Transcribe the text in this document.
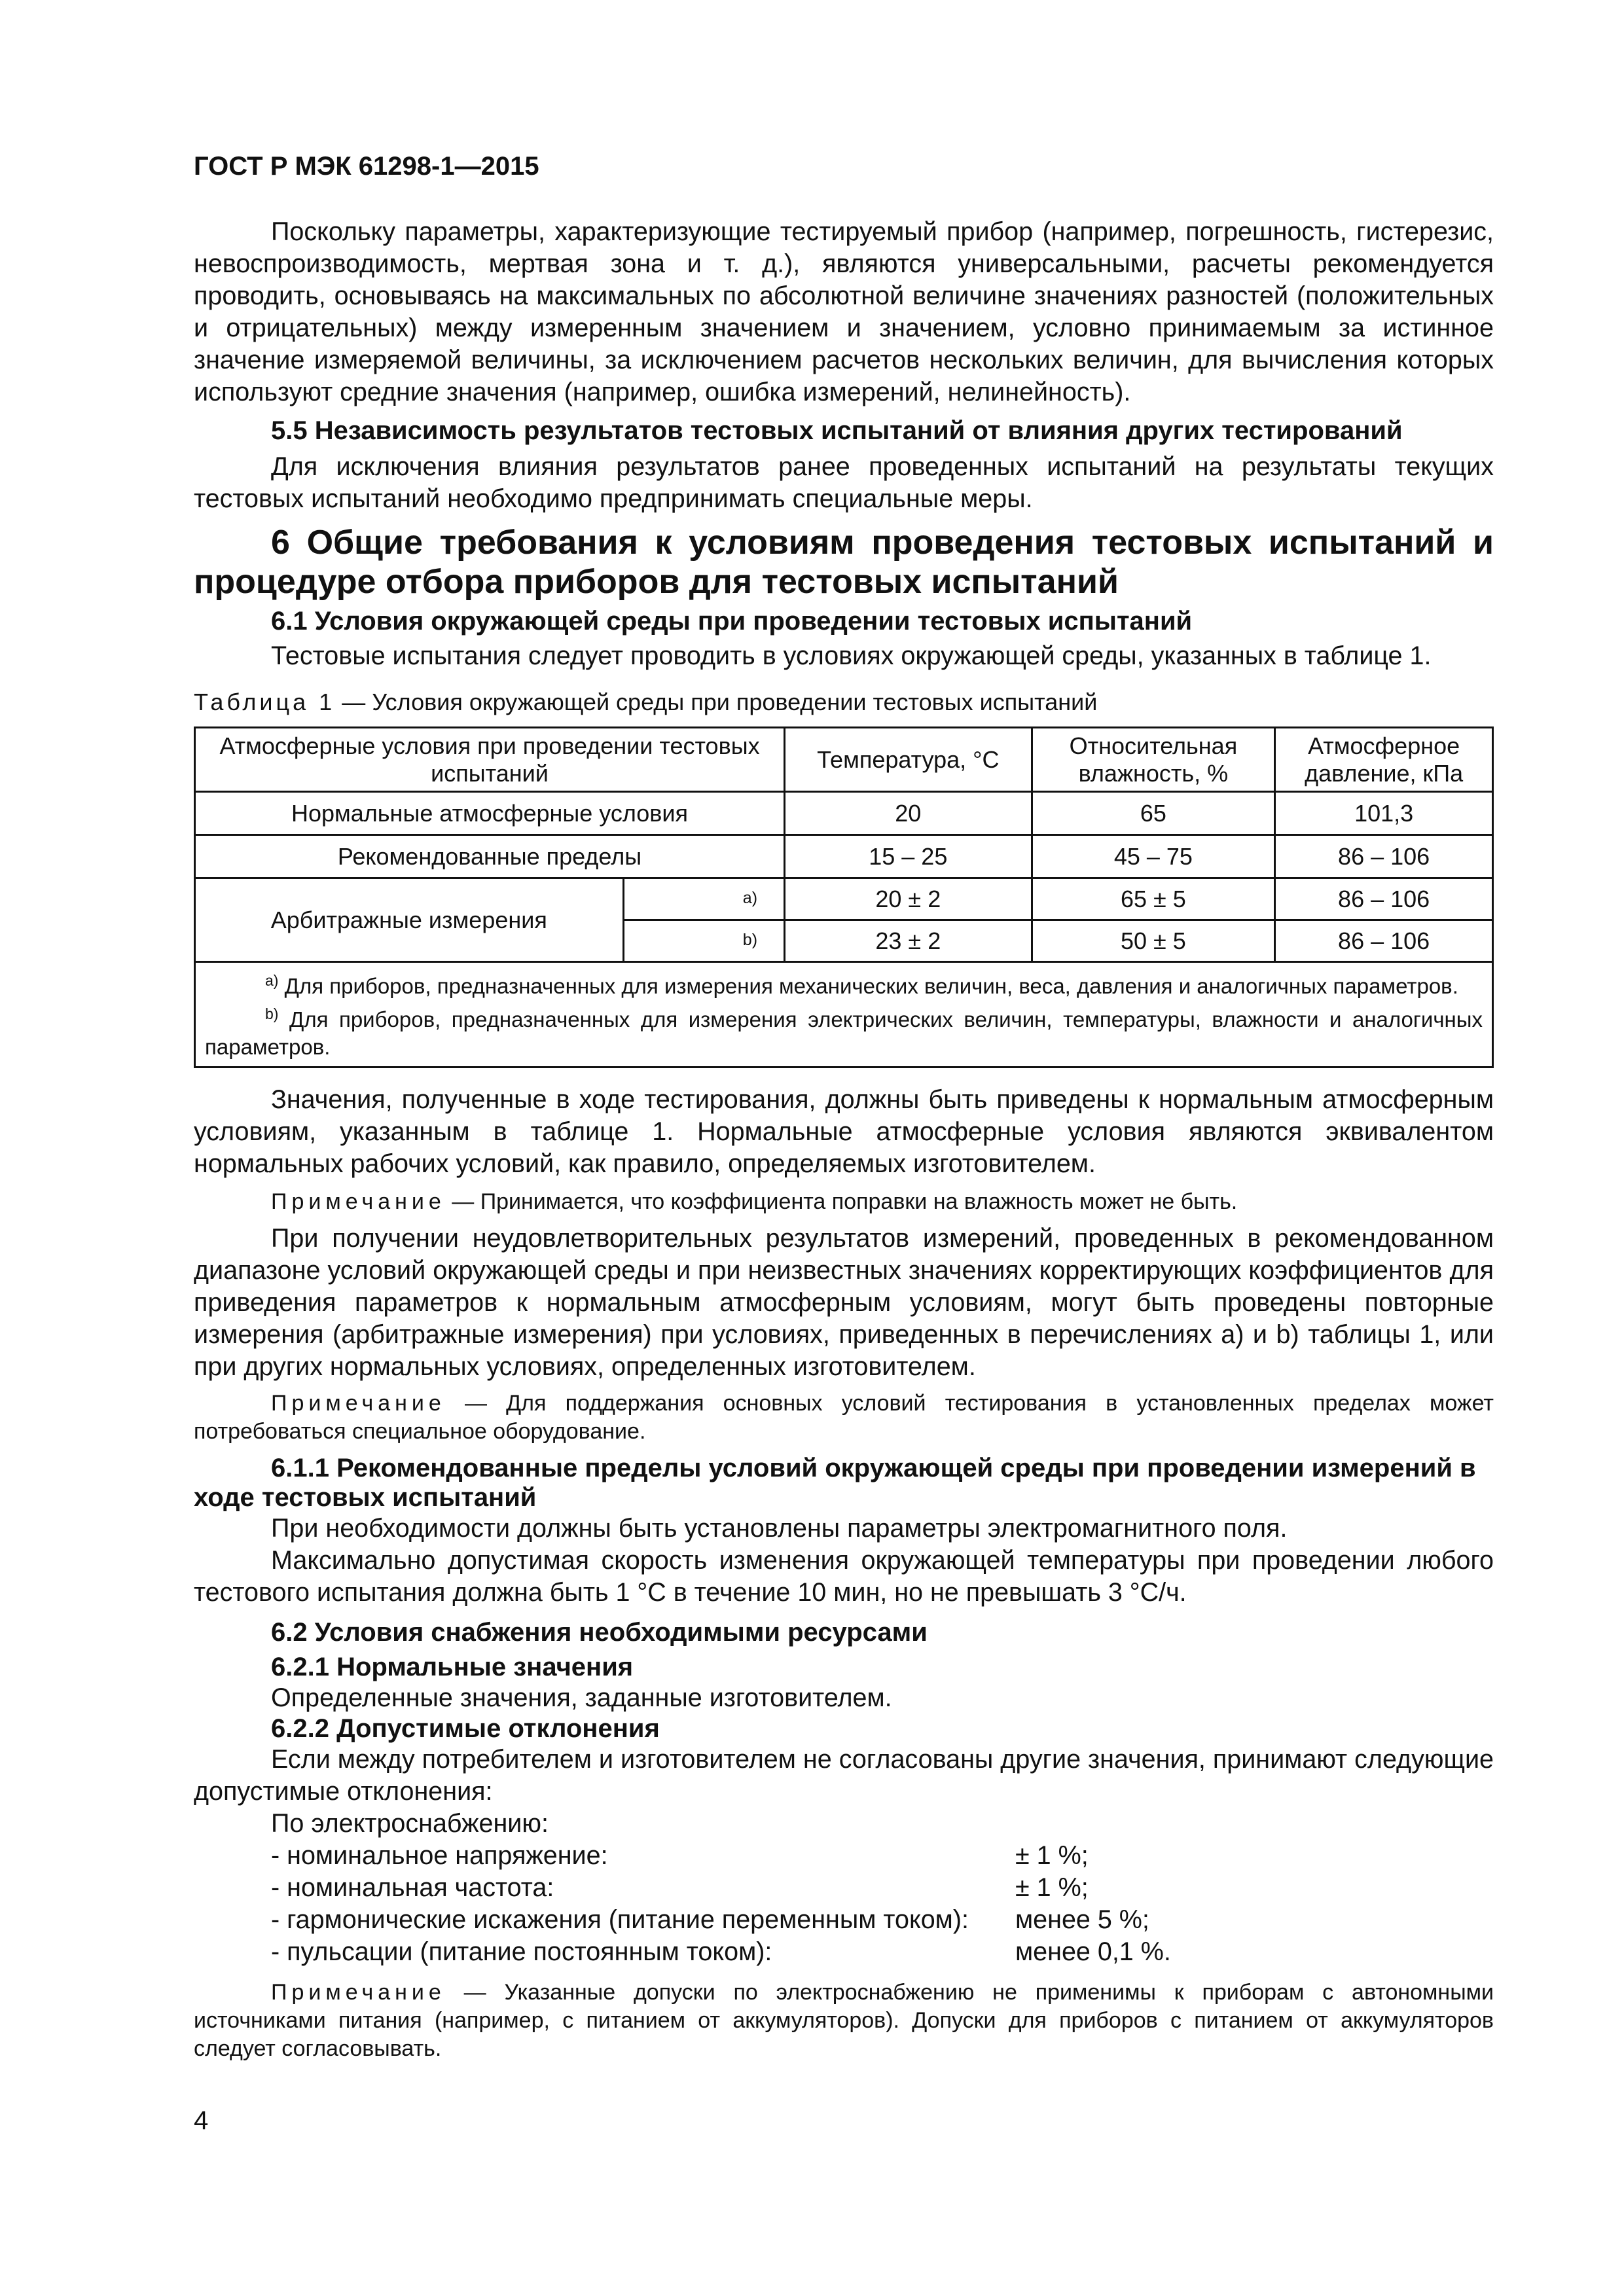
ГОСТ Р МЭК 61298-1—2015

Поскольку параметры, характеризующие тестируемый прибор (например, погрешность, гистерезис, невоспроизводимость, мертвая зона и т. д.), являются универсальными, расчеты рекомендуется проводить, основываясь на максимальных по абсолютной величине значениях разностей (положительных и отрицательных) между измеренным значением и значением, условно принимаемым за истинное значение измеряемой величины, за исключением расчетов нескольких величин, для вычисления которых используют средние значения (например, ошибка измерений, нелинейность).

5.5 Независимость результатов тестовых испытаний от влияния других тестирований

Для исключения влияния результатов ранее проведенных испытаний на результаты текущих тестовых испытаний необходимо предпринимать специальные меры.

6 Общие требования к условиям проведения тестовых испытаний и процедуре отбора приборов для тестовых испытаний

6.1 Условия окружающей среды при проведении тестовых испытаний

Тестовые испытания следует проводить в условиях окружающей среды, указанных в таблице 1.

Таблица 1 — Условия окружающей среды при проведении тестовых испытаний
Атмосферные условия при проведении тестовых испытаний		Температура, °С	Относительная влажность, %	Атмосферное давление, кПа
Нормальные атмосферные условия		20	65	101,3
Рекомендованные пределы		15 – 25	45 – 75	86 – 106
Арбитражные измерения	a)	20 ± 2	65 ± 5	86 – 106
	b)	23 ± 2	50 ± 5	86 – 106

$^{а)}$ Для приборов, предназначенных для измерения механических величин, веса, давления и аналогичных параметров.

$^{b)}$ Для приборов, предназначенных для измерения электрических величин, температуры, влажности и аналогичных параметров.

Значения, полученные в ходе тестирования, должны быть приведены к нормальным атмосферным условиям, указанным в таблице 1. Нормальные атмосферные условия являются эквивалентом нормальных рабочих условий, как правило, определяемых изготовителем.

Примечание — Принимается, что коэффициента поправки на влажность может не быть.

При получении неудовлетворительных результатов измерений, проведенных в рекомендованном диапазоне условий окружающей среды и при неизвестных значениях корректирующих коэффициентов для приведения параметров к нормальным атмосферным условиям, могут быть проведены повторные измерения (арбитражные измерения) при условиях, приведенных в перечислениях а) и b) таблицы 1, или при других нормальных условиях, определенных изготовителем.

Примечание — Для поддержания основных условий тестирования в установленных пределах может потребоваться специальное оборудование.

6.1.1 Рекомендованные пределы условий окружающей среды при проведении измерений в ходе тестовых испытаний

При необходимости должны быть установлены параметры электромагнитного поля.

Максимально допустимая скорость изменения окружающей температуры при проведении любого тестового испытания должна быть 1 °С в течение 10 мин, но не превышать 3 °С/ч.

6.2 Условия снабжения необходимыми ресурсами

6.2.1 Нормальные значения

Определенные значения, заданные изготовителем.

6.2.2 Допустимые отклонения

Если между потребителем и изготовителем не согласованы другие значения, принимают следующие допустимые отклонения:

По электроснабжению:

- номинальное напряжение:	± 1 %;
- номинальная частота:	± 1 %;
- гармонические искажения (питание переменным током): менее 5 %;
- пульсации (питание постоянным током):	менее 0,1 %.

Примечание — Указанные допуски по электроснабжению не применимы к приборам с автономными источниками питания (например, с питанием от аккумуляторов). Допуски для приборов с питанием от аккумуляторов следует согласовывать.

4
